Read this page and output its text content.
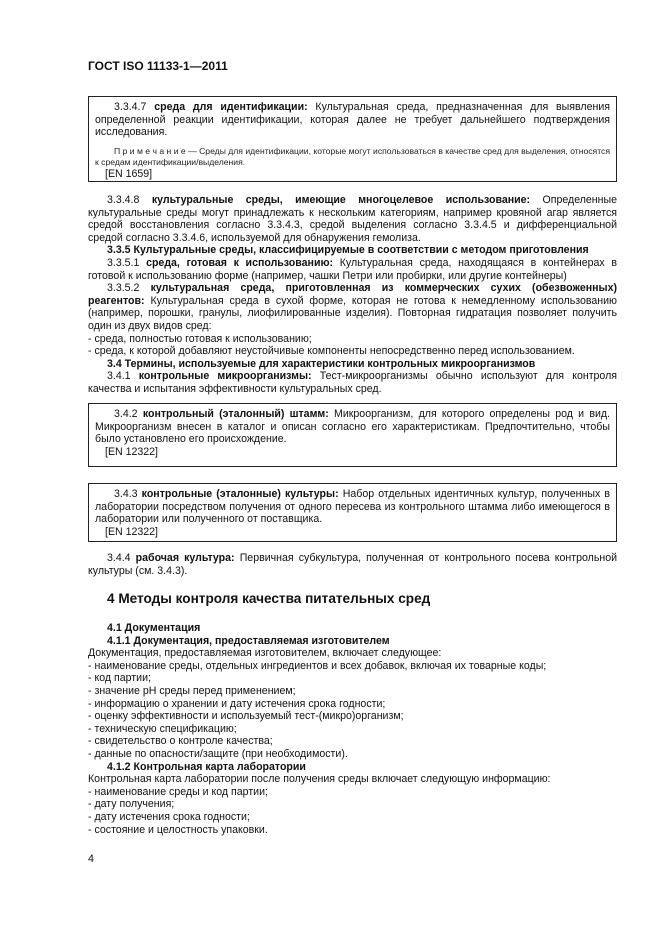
ГОСТ ISO 11133-1—2011

3.3.4.7 среда для идентификации: Культуральная среда, предназначенная для выявления определенной реакции идентификации, которая далее не требует дальнейшего подтверждения исследования.

П р и м е ч а н и е — Среды для идентификации, которые могут использоваться в качестве сред для выделения, относятся к средам идентификации/выделения.

[EN 1659]

3.3.4.8 культуральные среды, имеющие многоцелевое использование: Определенные культуральные среды могут принадлежать к нескольким категориям, например кровяной агар является средой восстановления согласно 3.3.4.3, средой выделения согласно 3.3.4.5 и дифференциальной средой согласно 3.3.4.6, используемой для обнаружения гемолиза.

3.3.5 Культуральные среды, классифицируемые в соответствии с методом приготовления

3.3.5.1 среда, готовая к использованию: Культуральная среда, находящаяся в контейнерах в готовой к использованию форме (например, чашки Петри или пробирки, или другие контейнеры)

3.3.5.2 культуральная среда, приготовленная из коммерческих сухих (обезвоженных) реагентов: Культуральная среда в сухой форме, которая не готова к немедленному использованию (например, порошки, гранулы, лиофилированные изделия). Повторная гидратация позволяет получить один из двух видов сред:

- среда, полностью готовая к использованию;

- среда, к которой добавляют неустойчивые компоненты непосредственно перед использованием.

3.4 Термины, используемые для характеристики контрольных микроорганизмов

3.4.1 контрольные микроорганизмы: Тест-микроорганизмы обычно используют для контроля качества и испытания эффективности культуральных сред.

3.4.2 контрольный (эталонный) штамм: Микроорганизм, для которого определены род и вид. Микроорганизм внесен в каталог и описан согласно его характеристикам. Предпочтительно, чтобы было установлено его происхождение.

[EN 12322]

3.4.3 контрольные (эталонные) культуры: Набор отдельных идентичных культур, полученных в лаборатории посредством получения от одного пересева из контрольного штамма либо имеющегося в лаборатории или полученного от поставщика.

[EN 12322]

3.4.4 рабочая культура: Первичная субкультура, полученная от контрольного посева контрольной культуры (см. 3.4.3).

4 Методы контроля качества питательных сред

4.1 Документация

4.1.1 Документация, предоставляемая изготовителем

Документация, предоставляемая изготовителем, включает следующее:

- наименование среды, отдельных ингредиентов и всех добавок, включая их товарные коды;

- код партии;

- значение pH среды перед применением;

- информацию о хранении и дату истечения срока годности;

- оценку эффективности и используемый тест-(микро)организм;

- техническую спецификацию;

- свидетельство о контроле качества;

- данные по опасности/защите (при необходимости).

4.1.2 Контрольная карта лаборатории

Контрольная карта лаборатории после получения среды включает следующую информацию:

- наименование среды и код партии;

- дату получения;

- дату истечения срока годности;

- состояние и целостность упаковки.

4
